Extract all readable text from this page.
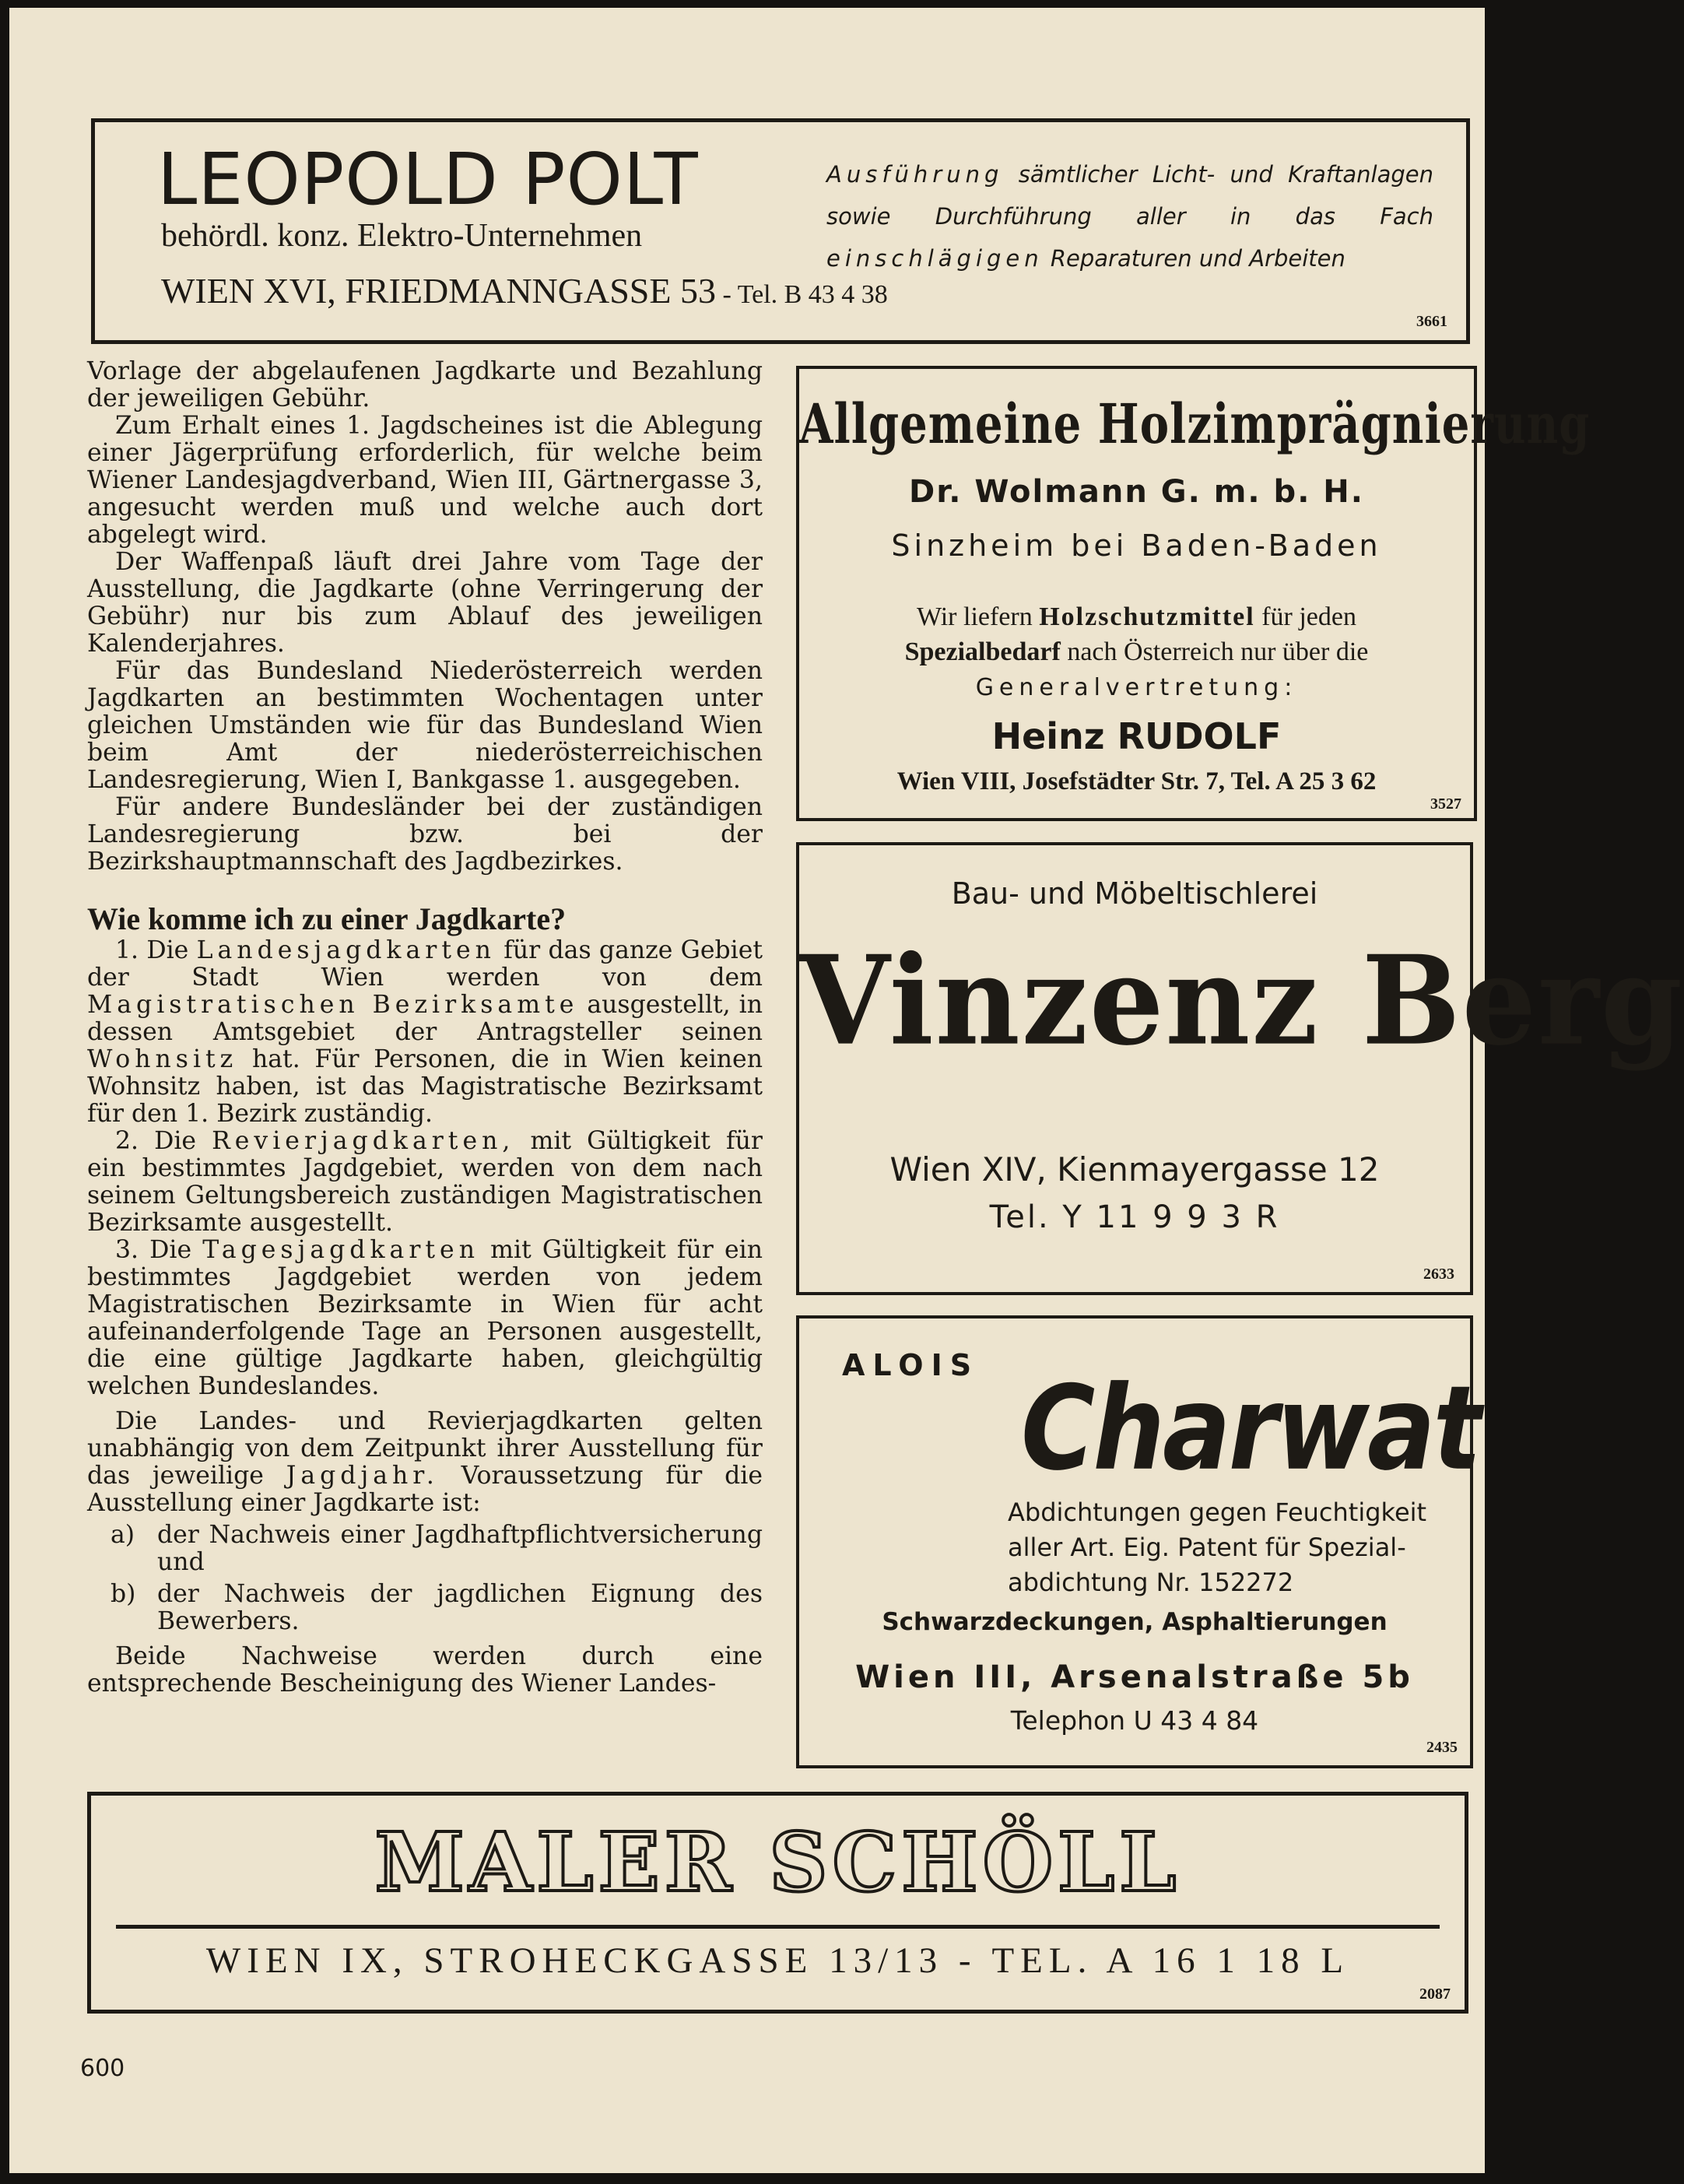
LEOPOLD POLT
behördl. konz. Elektro-Unternehmen
WIEN XVI, FRIEDMANNGASSE 53 - Tel. B 43 4 38
Ausführung sämtlicher Licht- und Kraftanlagen sowie Durchführung aller in das Fach einschlägigen Reparaturen und Arbeiten
3661

Vorlage der abgelaufenen Jagdkarte und Bezahlung der jeweiligen Gebühr.

Zum Erhalt eines 1. Jagdscheines ist die Ablegung einer Jägerprüfung erforderlich, für welche beim Wiener Landesjagdverband, Wien III, Gärtnergasse 3, angesucht werden muß und welche auch dort abgelegt wird.

Der Waffenpaß läuft drei Jahre vom Tage der Ausstellung, die Jagdkarte (ohne Verringerung der Gebühr) nur bis zum Ablauf des jeweiligen Kalenderjahres.

Für das Bundesland Niederösterreich werden Jagdkarten an bestimmten Wochentagen unter gleichen Umständen wie für das Bundesland Wien beim Amt der niederösterreichischen Landesregierung, Wien I, Bankgasse 1. ausgegeben.

Für andere Bundesländer bei der zuständigen Landesregierung bzw. bei der Bezirkshauptmannschaft des Jagdbezirkes.

Wie komme ich zu einer Jagdkarte?

1. Die Landesjagdkarten für das ganze Gebiet der Stadt Wien werden von dem Magistratischen Bezirksamte ausgestellt, in dessen Amtsgebiet der Antragsteller seinen Wohnsitz hat. Für Personen, die in Wien keinen Wohnsitz haben, ist das Magistratische Bezirksamt für den 1. Bezirk zuständig.

2. Die Revierjagdkarten, mit Gültigkeit für ein bestimmtes Jagdgebiet, werden von dem nach seinem Geltungsbereich zuständigen Magistratischen Bezirksamte ausgestellt.

3. Die Tagesjagdkarten mit Gültigkeit für ein bestimmtes Jagdgebiet werden von jedem Magistratischen Bezirksamte in Wien für acht aufeinanderfolgende Tage an Personen ausgestellt, die eine gültige Jagdkarte haben, gleichgültig welchen Bundeslandes.

Die Landes- und Revierjagdkarten gelten unabhängig von dem Zeitpunkt ihrer Ausstellung für das jeweilige Jagdjahr. Voraussetzung für die Ausstellung einer Jagdkarte ist:

a) der Nachweis einer Jagdhaftpflichtversicherung und
b) der Nachweis der jagdlichen Eignung des Bewerbers.

Beide Nachweise werden durch eine entsprechende Bescheinigung des Wiener Landes-

Allgemeine Holzimprägnierung
Dr. Wolmann G. m. b. H.
Sinzheim bei Baden-Baden
Wir liefern Holzschutzmittel für jeden
Spezialbedarf nach Österreich nur über die
Generalvertretung:
Heinz RUDOLF
Wien VIII, Josefstädter Str. 7, Tel. A 25 3 62
3527
Bau- und Möbeltischlerei
Vinzenz Berg
Wien XIV, Kienmayergasse 12
Tel. Y 11 9 9 3 R
2633
ALOIS Charwat
Abdichtungen gegen Feuchtigkeit
aller Art. Eig. Patent für Spezial-
abdichtung Nr. 152272
Schwarzdeckungen, Asphaltierungen
Wien III, Arsenalstraße 5b
Telephon U 43 4 84
2435
MALER SCHÖLL
WIEN IX, STROHECKGASSE 13/13 - TEL. A 16 1 18 L
2087
600
